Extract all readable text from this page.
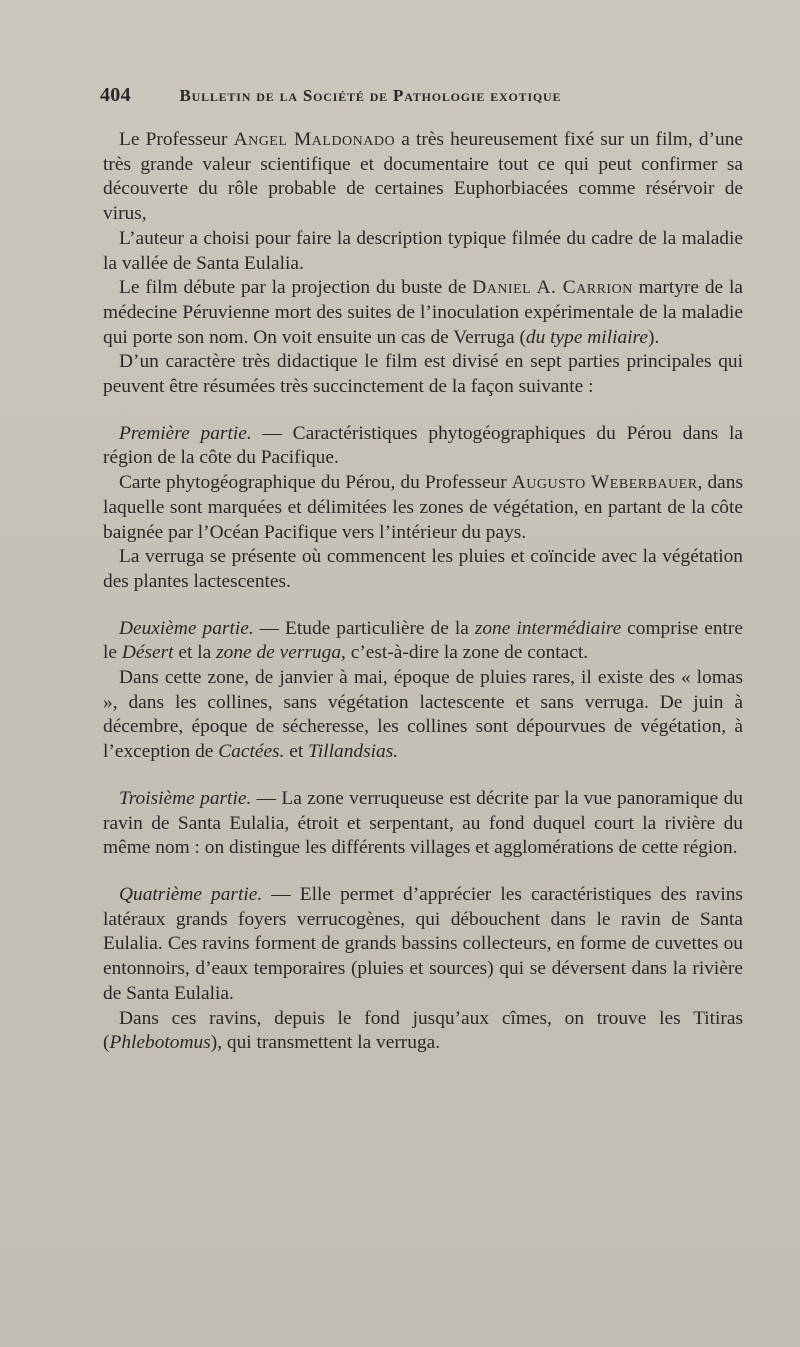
404	Bulletin de la Société de Pathologie exotique

Le Professeur Angel Maldonado a très heureusement fixé sur un film, d’une très grande valeur scientifique et documentaire tout ce qui peut confirmer sa découverte du rôle probable de certaines Euphorbiacées comme résérvoir de virus,

L’auteur a choisi pour faire la description typique filmée du cadre de la maladie la vallée de Santa Eulalia.

Le film débute par la projection du buste de Daniel A. Carrion martyre de la médecine Péruvienne mort des suites de l’inoculation expérimentale de la maladie qui porte son nom. On voit ensuite un cas de Verruga (du type miliaire).

D’un caractère très didactique le film est divisé en sept parties principales qui peuvent être résumées très succinctement de la façon suivante :

Première partie. — Caractéristiques phytogéographiques du Pérou dans la région de la côte du Pacifique.

Carte phytogéographique du Pérou, du Professeur Augusto Weberbauer, dans laquelle sont marquées et délimitées les zones de végétation, en partant de la côte baignée par l’Océan Pacifique vers l’intérieur du pays.

La verruga se présente où commencent les pluies et coïncide avec la végétation des plantes lactescentes.

Deuxième partie. — Etude particulière de la zone intermédiaire comprise entre le Désert et la zone de verruga, c’est-à-dire la zone de contact.

Dans cette zone, de janvier à mai, époque de pluies rares, il existe des « lomas », dans les collines, sans végétation lactescente et sans verruga. De juin à décembre, époque de sécheresse, les collines sont dépourvues de végétation, à l’exception de Cactées. et Tillandsias.

Troisième partie. — La zone verruqueuse est décrite par la vue panoramique du ravin de Santa Eulalia, étroit et serpentant, au fond duquel court la rivière du même nom : on distingue les différents villages et agglomérations de cette région.

Quatrième partie. — Elle permet d’apprécier les caractéristiques des ravins latéraux grands foyers verrucogènes, qui débouchent dans le ravin de Santa Eulalia. Ces ravins forment de grands bassins collecteurs, en forme de cuvettes ou entonnoirs, d’eaux temporaires (pluies et sources) qui se déversent dans la rivière de Santa Eulalia.

Dans ces ravins, depuis le fond jusqu’aux cîmes, on trouve les Titiras (Phlebotomus), qui transmettent la verruga.
